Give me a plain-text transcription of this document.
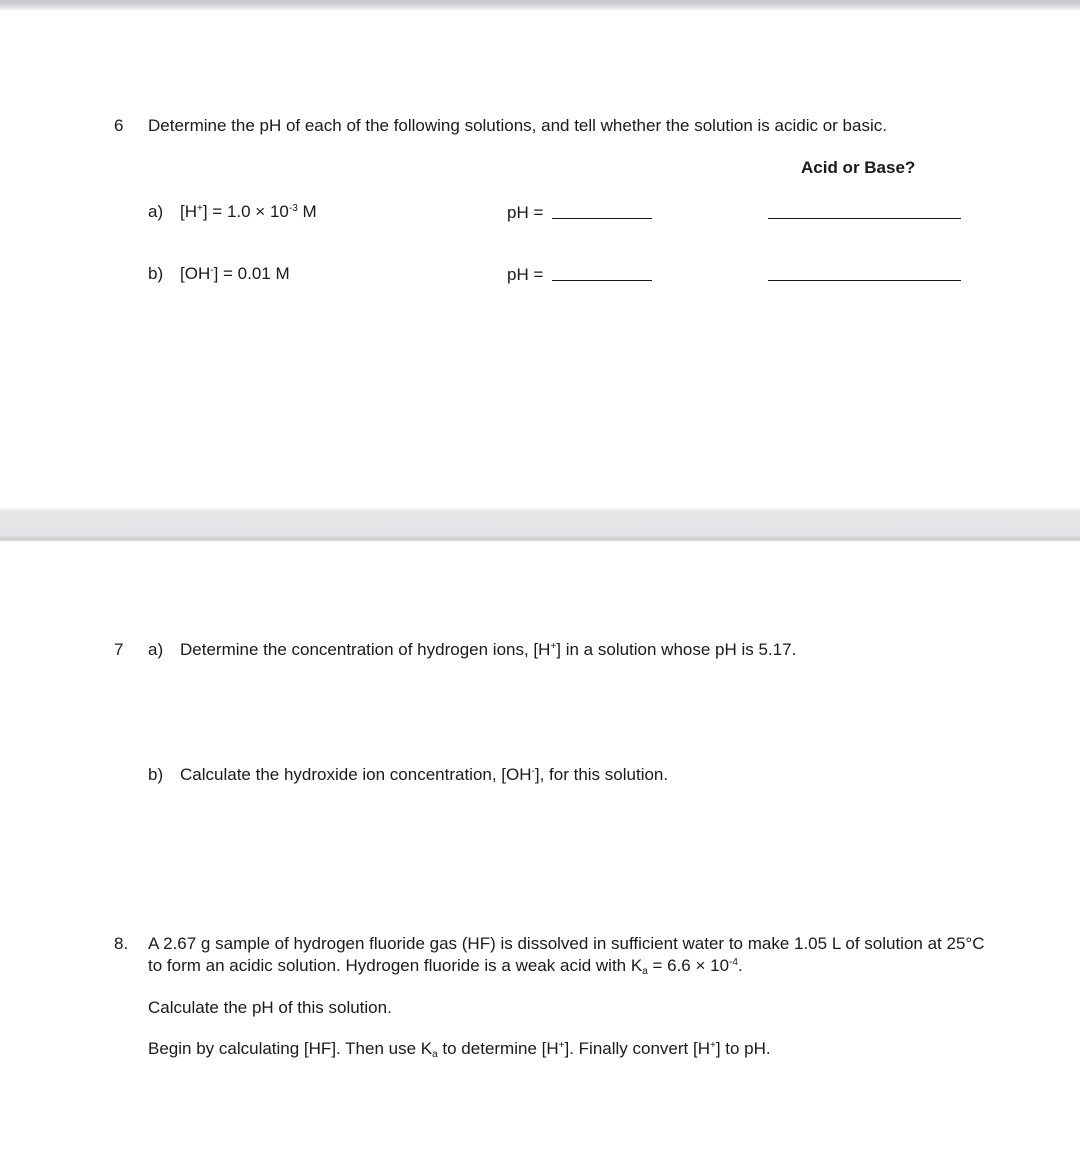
6 Determine the pH of each of the following solutions, and tell whether the solution is acidic or basic.
Acid or Base?
a) $[H^+] = 1.0 \times 10^{-3}$ M	pH =
b) [OH-] = 0.01 M	pH =
7 a) Determine the concentration of hydrogen ions, [H+] in a solution whose pH is 5.17.
b) Calculate the hydroxide ion concentration, [OH-], for this solution.
8. A 2.67 g sample of hydrogen fluoride gas (HF) is dissolved in sufficient water to make 1.05 L of solution at 25°C
to form an acidic solution. Hydrogen fluoride is a weak acid with $K_a = 6.6 \times 10^{-4}$.
Calculate the pH of this solution.
Begin by calculating [HF]. Then use $K_a$ to determine [H+]. Finally convert [H+] to pH.
